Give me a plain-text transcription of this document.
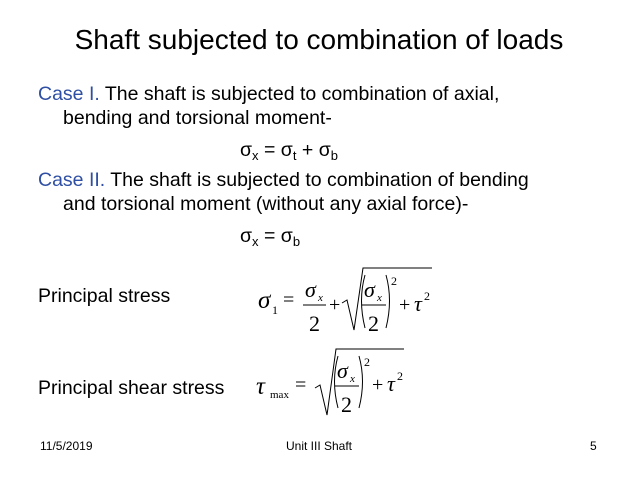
Shaft subjected to combination of loads
Case I. The shaft is subjected to combination of axial,
bending and torsional moment-
$\sigma_x = \sigma_t + \sigma_b$
Case II. The shaft is subjected to combination of bending
and torsional moment (without any axial force)-
$\sigma_x = \sigma_b$
Principal stress	σ 1 = σ x
2
+
σ x
2
2
+ τ 2
τ max =
σ x
2
2
+ τ 2
Principal shear stress
11/5/2019	Unit III Shaft	5
